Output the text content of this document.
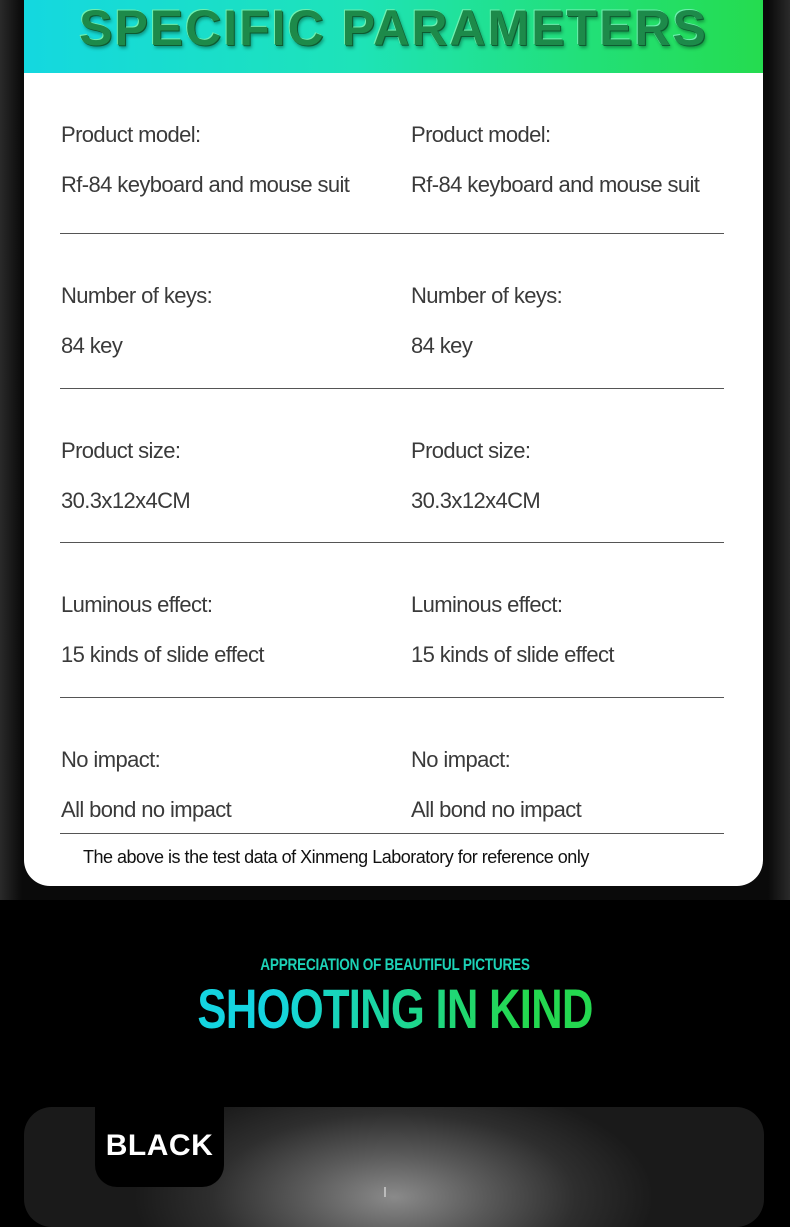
SPECIFIC PARAMETERS
Product model:
Rf-84 keyboard and mouse suit
Product model:
Rf-84 keyboard and mouse suit
Number of keys:
84 key
Number of keys:
84 key
Product size:
30.3x12x4CM
Product size:
30.3x12x4CM
Luminous effect:
15 kinds of slide effect
Luminous effect:
15 kinds of slide effect
No impact:
All bond no impact
No impact:
All bond no impact
The above is the test data of Xinmeng Laboratory for reference only
APPRECIATION OF BEAUTIFUL PICTURES
SHOOTING IN KIND
BLACK
